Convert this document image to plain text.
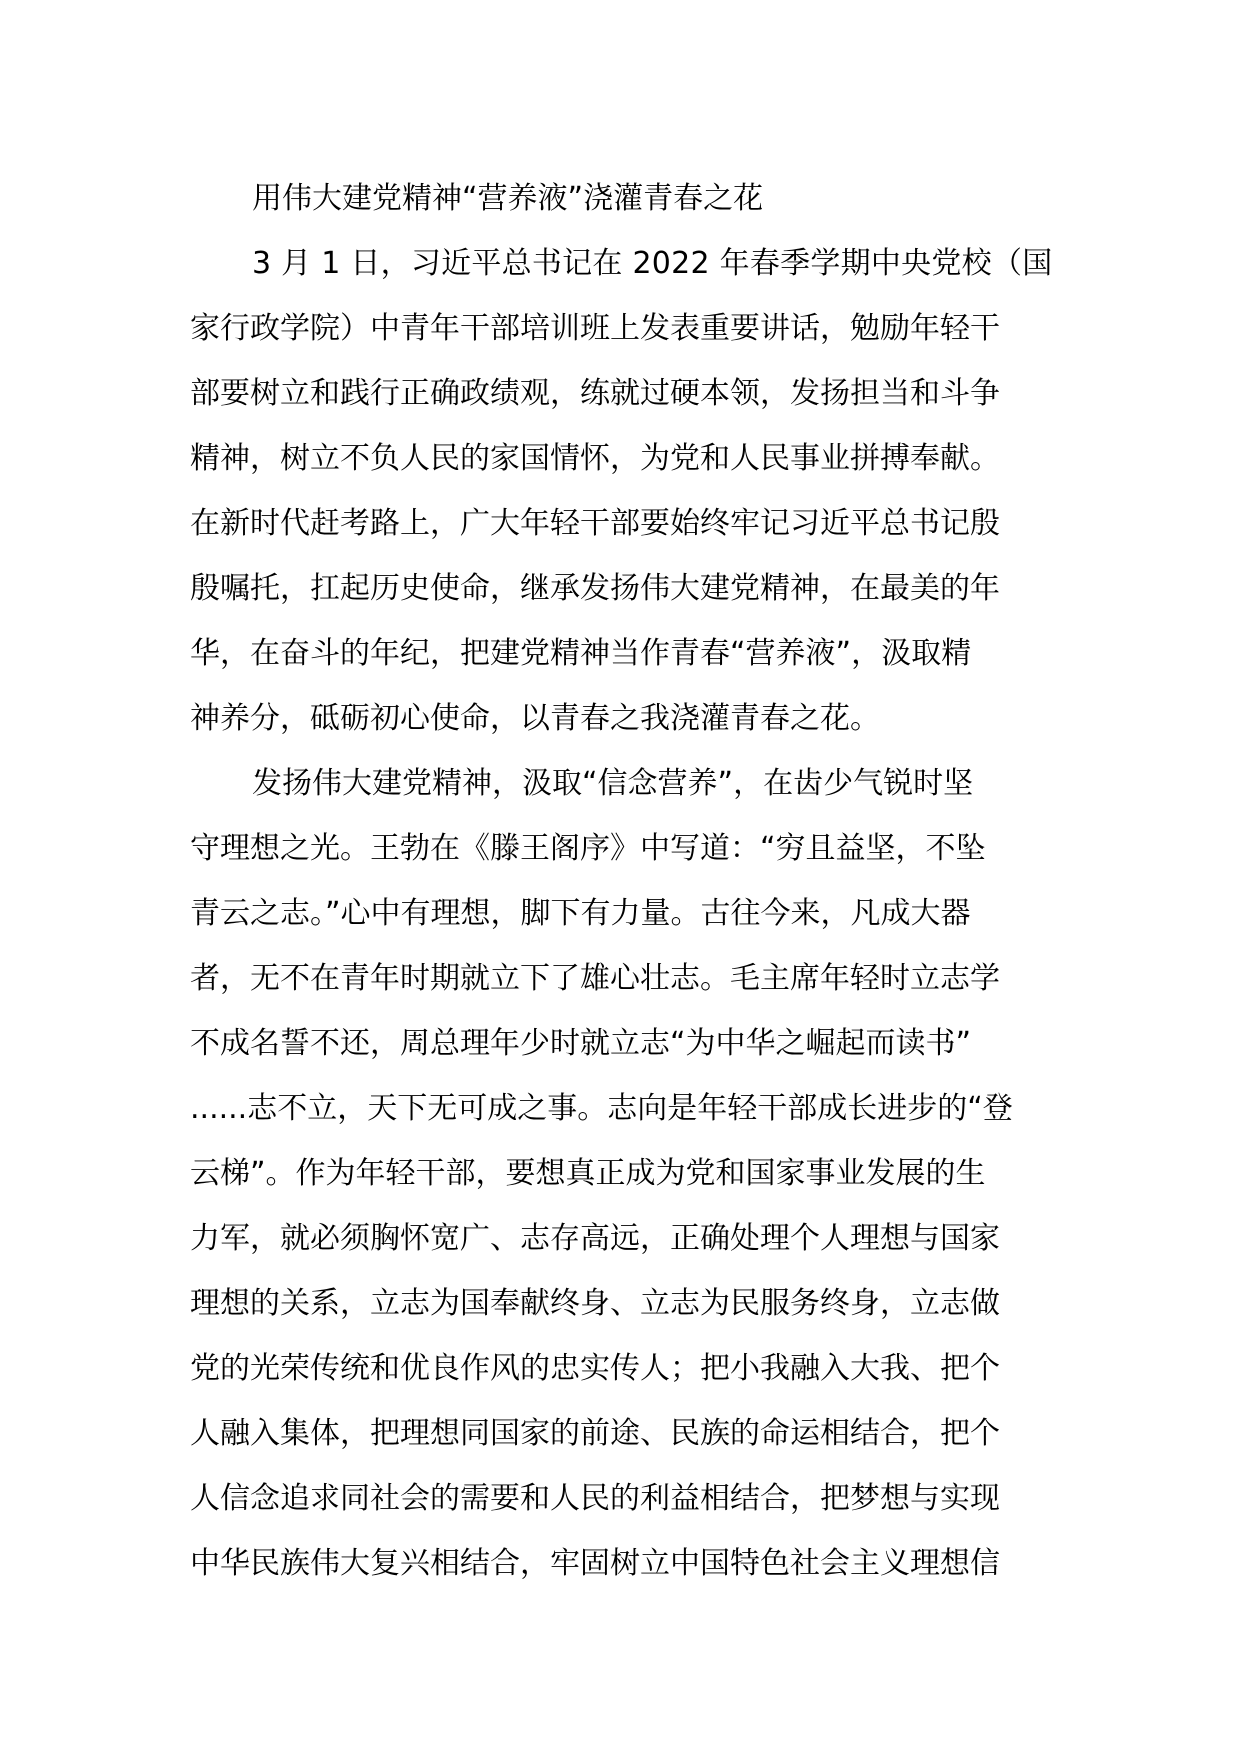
用伟大建党精神“营养液”浇灌青春之花
3 月 1 日，习近平总书记在 2022 年春季学期中央党校（国
家行政学院）中青年干部培训班上发表重要讲话，勉励年轻干
部要树立和践行正确政绩观，练就过硬本领，发扬担当和斗争
精神，树立不负人民的家国情怀，为党和人民事业拼搏奉献。
在新时代赶考路上，广大年轻干部要始终牢记习近平总书记殷
殷嘱托，扛起历史使命，继承发扬伟大建党精神，在最美的年
华，在奋斗的年纪，把建党精神当作青春“营养液”，汲取精
神养分，砥砺初心使命，以青春之我浇灌青春之花。
发扬伟大建党精神，汲取“信念营养”，在齿少气锐时坚
守理想之光。王勃在《滕王阁序》中写道：“穷且益坚，不坠
青云之志。”心中有理想，脚下有力量。古往今来，凡成大器
者，无不在青年时期就立下了雄心壮志。毛主席年轻时立志学
不成名誓不还，周总理年少时就立志“为中华之崛起而读书”
......志不立，天下无可成之事。志向是年轻干部成长进步的“登
云梯”。作为年轻干部，要想真正成为党和国家事业发展的生
力军，就必须胸怀宽广、志存高远，正确处理个人理想与国家
理想的关系，立志为国奉献终身、立志为民服务终身，立志做
党的光荣传统和优良作风的忠实传人；把小我融入大我、把个
人融入集体，把理想同国家的前途、民族的命运相结合，把个
人信念追求同社会的需要和人民的利益相结合，把梦想与实现
中华民族伟大复兴相结合，牢固树立中国特色社会主义理想信
